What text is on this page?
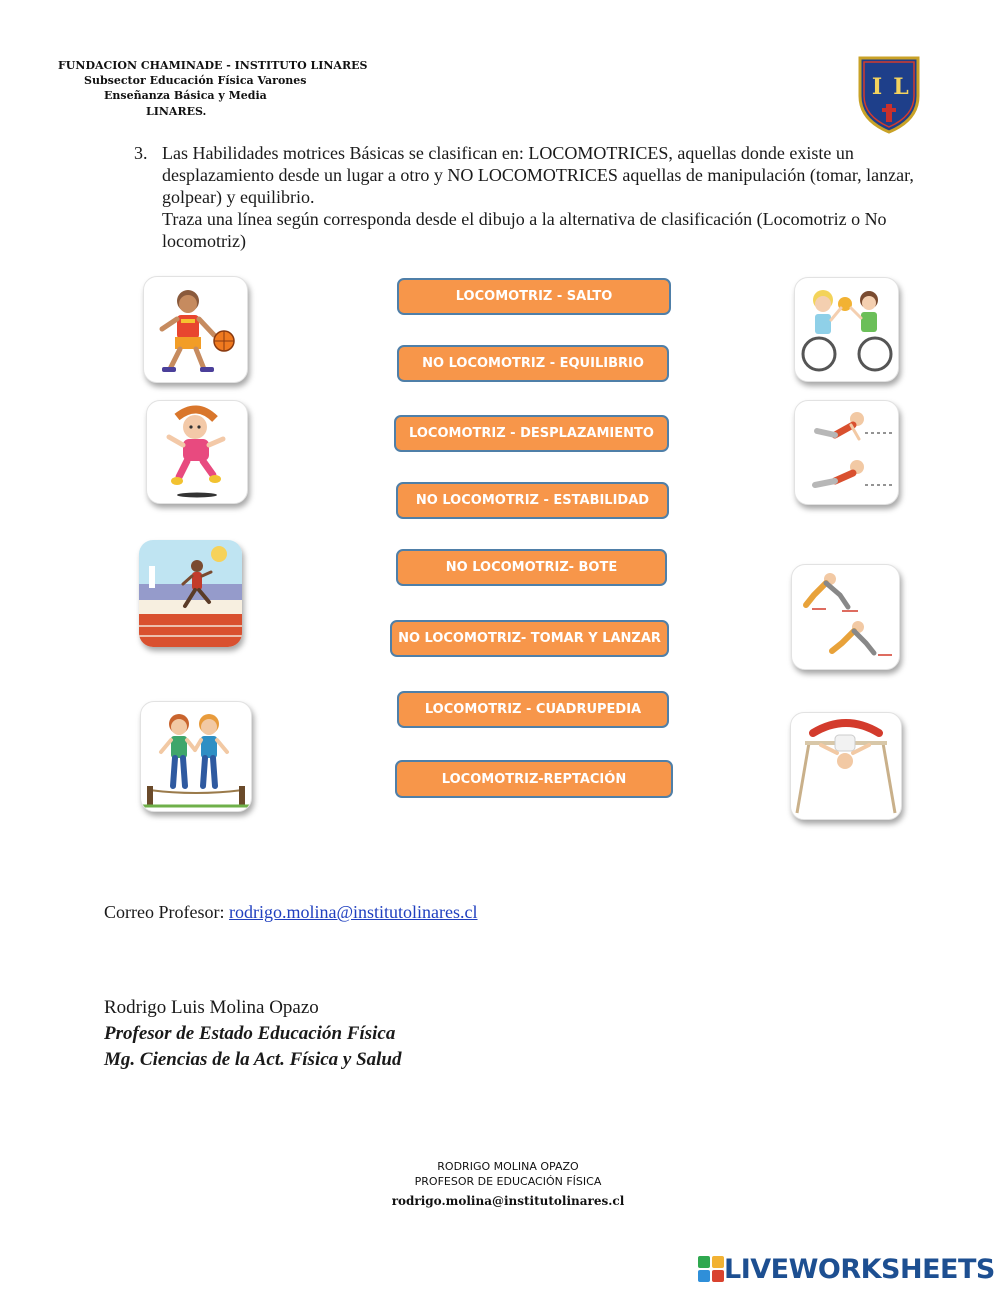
FUNDACION CHAMINADE - INSTITUTO LINARES
Subsector Educación Física Varones
Enseñanza Básica y Media
LINARES.
I L
3. Las Habilidades motrices Básicas se clasifican en: LOCOMOTRICES, aquellas donde existe un desplazamiento desde un lugar a otro y NO LOCOMOTRICES aquellas de manipulación (tomar, lanzar, golpear) y equilibrio.

Traza una línea según corresponda desde el dibujo a la alternativa de clasificación (Locomotriz o No locomotriz)

LOCOMOTRIZ - SALTO
NO LOCOMOTRIZ - EQUILIBRIO
LOCOMOTRIZ - DESPLAZAMIENTO
NO LOCOMOTRIZ - ESTABILIDAD
NO LOCOMOTRIZ- BOTE
NO LOCOMOTRIZ- TOMAR Y LANZAR
LOCOMOTRIZ - CUADRUPEDIA
LOCOMOTRIZ-REPTACIÓN
Correo Profesor: rodrigo.molina@institutolinares.cl
Rodrigo Luis Molina Opazo
Profesor de Estado Educación Física
Mg. Ciencias de la Act. Física y Salud
RODRIGO MOLINA OPAZO
PROFESOR DE EDUCACIÓN FÍSICA
rodrigo.molina@institutolinares.cl
LIVEWORKSHEETS
